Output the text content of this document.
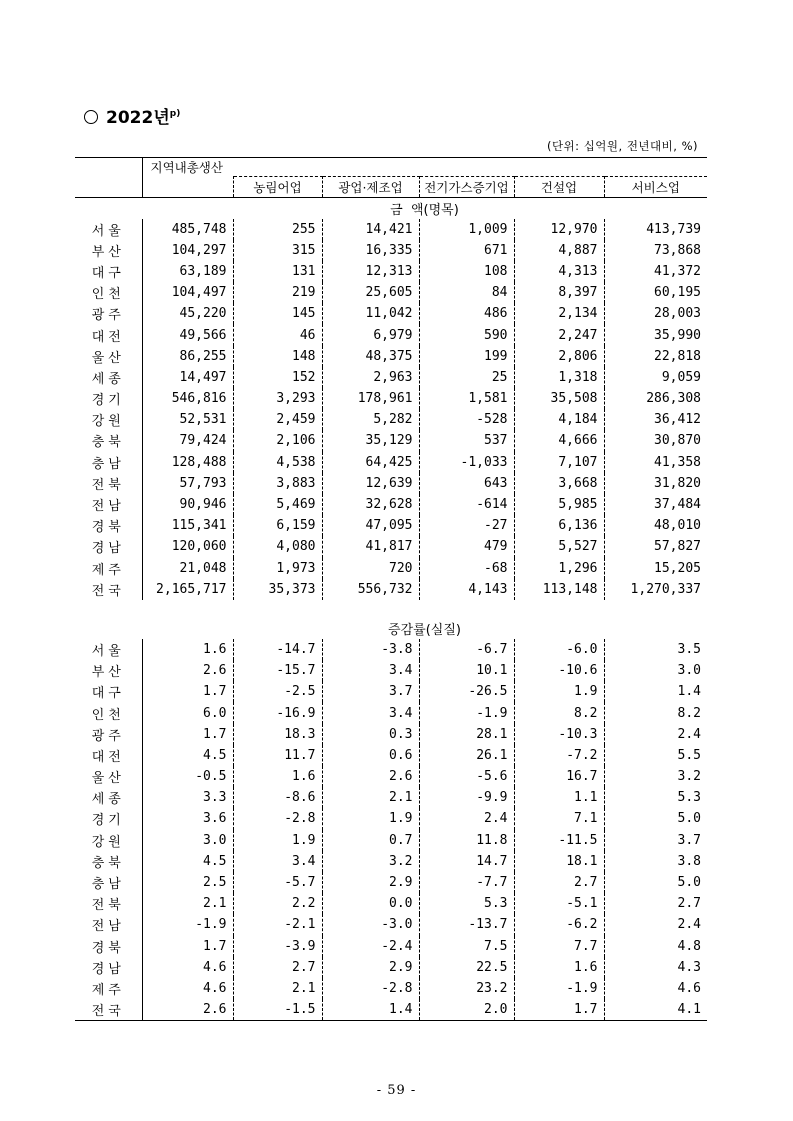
2022년$^{p)}$
(단위: 십억원, 전년대비, %)
	지역내총생산					
		농림어업	광업·제조업	전기가스증기업	건설업	서비스업
	금  액(명목)					
서울	485,748	255	14,421	1,009	12,970	413,739
부산	104,297	315	16,335	671	4,887	73,868
대구	63,189	131	12,313	108	4,313	41,372
인천	104,497	219	25,605	84	8,397	60,195
광주	45,220	145	11,042	486	2,134	28,003
대전	49,566	46	6,979	590	2,247	35,990
울산	86,255	148	48,375	199	2,806	22,818
세종	14,497	152	2,963	25	1,318	9,059
경기	546,816	3,293	178,961	1,581	35,508	286,308
강원	52,531	2,459	5,282	-528	4,184	36,412
충북	79,424	2,106	35,129	537	4,666	30,870
충남	128,488	4,538	64,425	-1,033	7,107	41,358
전북	57,793	3,883	12,639	643	3,668	31,820
전남	90,946	5,469	32,628	-614	5,985	37,484
경북	115,341	6,159	47,095	-27	6,136	48,010
경남	120,060	4,080	41,817	479	5,527	57,827
제주	21,048	1,973	720	-68	1,296	15,205
전국	2,165,717	35,373	556,732	4,143	113,148	1,270,337

	증감률(실질)					
서울	1.6	-14.7	-3.8	-6.7	-6.0	3.5
부산	2.6	-15.7	3.4	10.1	-10.6	3.0
대구	1.7	-2.5	3.7	-26.5	1.9	1.4
인천	6.0	-16.9	3.4	-1.9	8.2	8.2
광주	1.7	18.3	0.3	28.1	-10.3	2.4
대전	4.5	11.7	0.6	26.1	-7.2	5.5
울산	-0.5	1.6	2.6	-5.6	16.7	3.2
세종	3.3	-8.6	2.1	-9.9	1.1	5.3
경기	3.6	-2.8	1.9	2.4	7.1	5.0
강원	3.0	1.9	0.7	11.8	-11.5	3.7
충북	4.5	3.4	3.2	14.7	18.1	3.8
충남	2.5	-5.7	2.9	-7.7	2.7	5.0
전북	2.1	2.2	0.0	5.3	-5.1	2.7
전남	-1.9	-2.1	-3.0	-13.7	-6.2	2.4
경북	1.7	-3.9	-2.4	7.5	7.7	4.8
경남	4.6	2.7	2.9	22.5	1.6	4.3
제주	4.6	2.1	-2.8	23.2	-1.9	4.6
전국	2.6	-1.5	1.4	2.0	1.7	4.1
- 59 -
